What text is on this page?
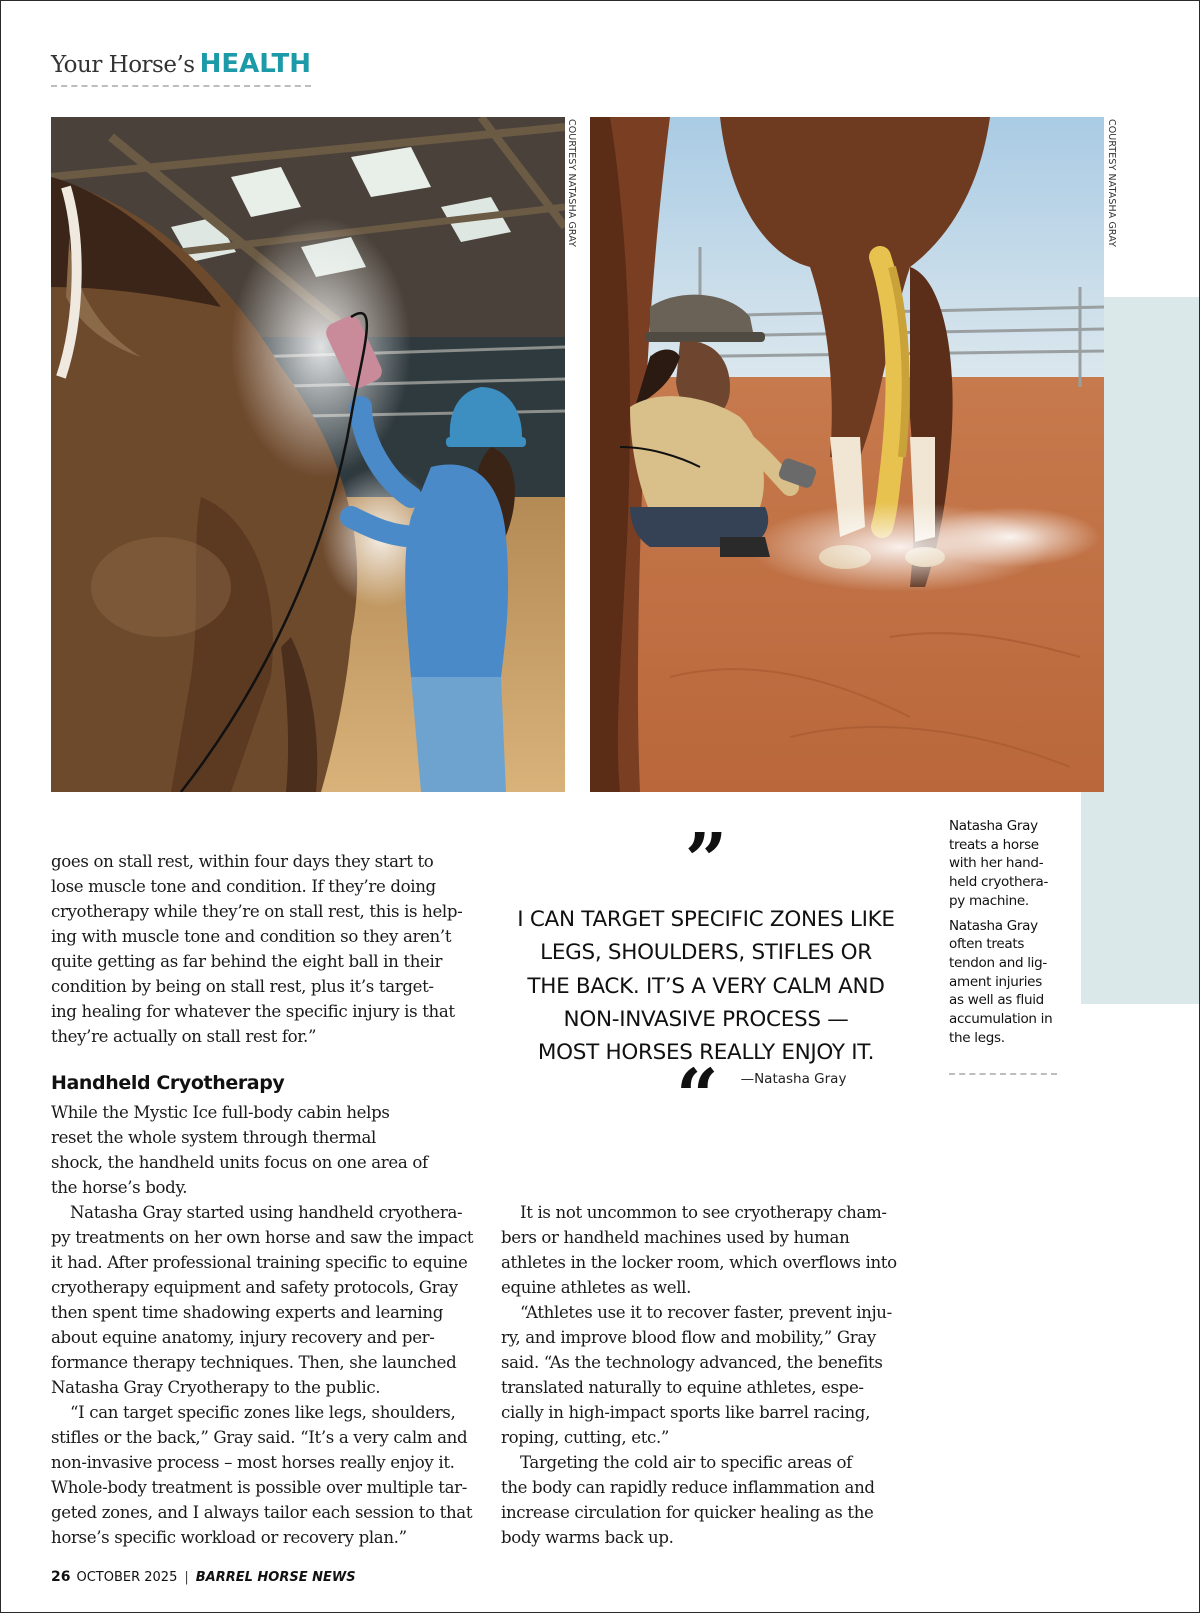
Your Horse’s HEALTH
COURTESY NATASHA GRAY	COURTESY NATASHA GRAY

Natasha Gray
treats a horse
with her hand-
held cryothera-
py machine.

Natasha Gray
often treats
tendon and lig-
ament injuries
as well as fluid
accumulation in
the legs.

goes on stall rest, within four days they start to

lose muscle tone and condition. If they’re doing

cryotherapy while they’re on stall rest, this is help-

ing with muscle tone and condition so they aren’t

quite getting as far behind the eight ball in their

condition by being on stall rest, plus it’s target-

ing healing for whatever the specific injury is that

they’re actually on stall rest for.”

Handheld Cryotherapy

While the Mystic Ice full-body cabin helps

reset the whole system through thermal

shock, the handheld units focus on one area of

the horse’s body.

Natasha Gray started using handheld cryothera-

py treatments on her own horse and saw the impact

it had. After professional training specific to equine

cryotherapy equipment and safety protocols, Gray

then spent time shadowing experts and learning

about equine anatomy, injury recovery and per-

formance therapy techniques. Then, she launched

Natasha Gray Cryotherapy to the public.

“I can target specific zones like legs, shoulders,

stifles or the back,” Gray said. “It’s a very calm and

non-invasive process – most horses really enjoy it.

Whole-body treatment is possible over multiple tar-

geted zones, and I always tailor each session to that

horse’s specific workload or recovery plan.”

It is not uncommon to see cryotherapy cham-

bers or handheld machines used by human

athletes in the locker room, which overflows into

equine athletes as well.

“Athletes use it to recover faster, prevent inju-

ry, and improve blood flow and mobility,” Gray

said. “As the technology advanced, the benefits

translated naturally to equine athletes, espe-

cially in high-impact sports like barrel racing,

roping, cutting, etc.”

Targeting the cold air to specific areas of

the body can rapidly reduce inflammation and

increase circulation for quicker healing as the

body warms back up.

”
I CAN TARGET SPECIFIC ZONES LIKE
LEGS, SHOULDERS, STIFLES OR
THE BACK. IT’S A VERY CALM AND
NON-INVASIVE PROCESS —
MOST HORSES REALLY ENJOY IT.
“ —Natasha Gray
26 OCTOBER 2025 | BARREL HORSE NEWS
